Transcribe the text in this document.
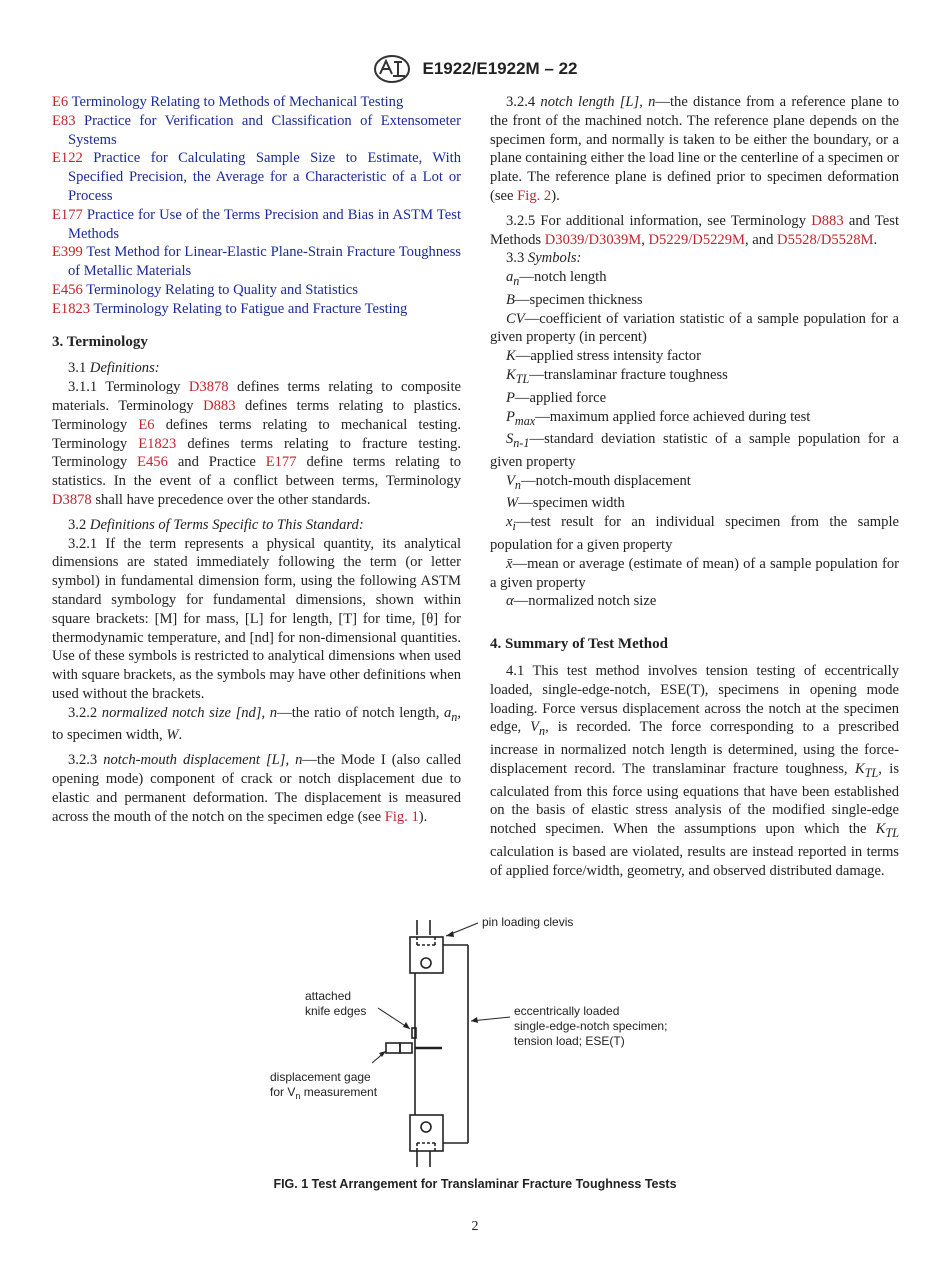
E1922/E1922M – 22

E6 Terminology Relating to Methods of Mechanical Testing

E83 Practice for Verification and Classification of Extensometer Systems

E122 Practice for Calculating Sample Size to Estimate, With Specified Precision, the Average for a Characteristic of a Lot or Process

E177 Practice for Use of the Terms Precision and Bias in ASTM Test Methods

E399 Test Method for Linear-Elastic Plane-Strain Fracture Toughness of Metallic Materials

E456 Terminology Relating to Quality and Statistics

E1823 Terminology Relating to Fatigue and Fracture Testing

3. Terminology

3.1 Definitions:

3.1.1 Terminology D3878 defines terms relating to composite materials. Terminology D883 defines terms relating to plastics. Terminology E6 defines terms relating to mechanical testing. Terminology E1823 defines terms relating to fracture testing. Terminology E456 and Practice E177 define terms relating to statistics. In the event of a conflict between terms, Terminology D3878 shall have precedence over the other standards.

3.2 Definitions of Terms Specific to This Standard:

3.2.1 If the term represents a physical quantity, its analytical dimensions are stated immediately following the term (or letter symbol) in fundamental dimension form, using the following ASTM standard symbology for fundamental dimensions, shown within square brackets: [M] for mass, [L] for length, [T] for time, [θ] for thermodynamic temperature, and [nd] for non-dimensional quantities. Use of these symbols is restricted to analytical dimensions when used with square brackets, as the symbols may have other definitions when used without the brackets.

3.2.2 normalized notch size [nd], n—the ratio of notch length, $a_n$, to specimen width, W.

3.2.3 notch-mouth displacement [L], n—the Mode I (also called opening mode) component of crack or notch displacement due to elastic and permanent deformation. The displacement is measured across the mouth of the notch on the specimen edge (see Fig. 1).

3.2.4 notch length [L], n—the distance from a reference plane to the front of the machined notch. The reference plane depends on the specimen form, and normally is taken to be either the boundary, or a plane containing either the load line or the centerline of a specimen or plate. The reference plane is defined prior to specimen deformation (see Fig. 2).

3.2.5 For additional information, see Terminology D883 and Test Methods D3039/D3039M, D5229/D5229M, and D5528/D5528M.

3.3 Symbols:

$a_n—notch$ length

B—specimen thickness

CV—coefficient of variation statistic of a sample population for a given property (in percent)

K—applied stress intensity factor

$K_{TL}—translaminar$ fracture toughness

P—applied force

$P_{max}—maximum$ applied force achieved during test

$S_{n-1}—standard$ deviation statistic of a sample population for a given property

$V_n—notch$-mouth displacement

W—specimen width

$x_i—test$ result for an individual specimen from the sample population for a given property

x̄—mean or average (estimate of mean) of a sample population for a given property

α—normalized notch size

4. Summary of Test Method

4.1 This test method involves tension testing of eccentrically loaded, single-edge-notch, ESE(T), specimens in opening mode loading. Force versus displacement across the notch at the specimen edge, $V_n$, is recorded. The force corresponding to a prescribed increase in normalized notch length is determined, using the force-displacement record. The translaminar fracture toughness, $K_{TL}$, is calculated from this force using equations that have been established on the basis of elastic stress analysis of the modified single-edge notched specimen. When the assumptions upon which the $K_{TL}$ calculation is based are violated, results are instead reported in terms of applied force/width, geometry, and observed distributed damage.

pin loading clevis
attached
knife edges	eccentrically loaded
single-edge-notch specimen;
tension load; ESE(T)
displacement gage
for $V_n$ measurement
FIG. 1 Test Arrangement for Translaminar Fracture Toughness Tests
2
